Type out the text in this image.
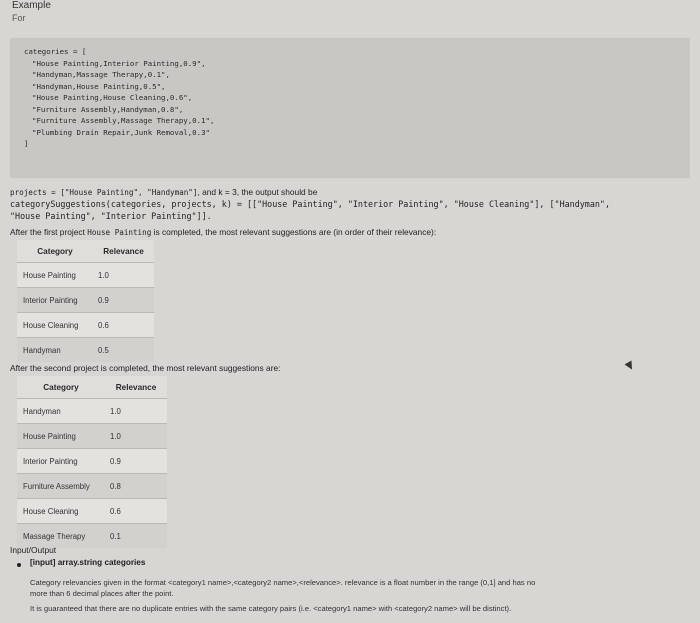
Example
For
categories = [
"House Painting,Interior Painting,0.9",
"Handyman,Massage Therapy,0.1",
"Handyman,House Painting,0.5",
"House Painting,House Cleaning,0.6",
"Furniture Assembly,Handyman,0.8",
"Furniture Assembly,Massage Therapy,0.1",
"Plumbing Drain Repair,Junk Removal,0.3"
]
projects = ["House Painting", "Handyman"], and k = 3, the output should be
categorySuggestions(categories, projects, k) = [["House Painting", "Interior Painting", "House Cleaning"], ["Handyman",
"House Painting", "Interior Painting"]].
After the first project House Painting is completed, the most relevant suggestions are (in order of their relevance):
Category	Relevance
House Painting	1.0
Interior Painting	0.9
House Cleaning	0.6
Handyman	0.5
After the second project is completed, the most relevant suggestions are:
Category	Relevance
Handyman	1.0
House Painting	1.0
Interior Painting	0.9
Furniture Assembly	0.8
House Cleaning	0.6
Massage Therapy	0.1
Input/Output
[input] array.string categories
Category relevancies given in the format <category1 name>,<category2 name>,<relevance>. relevance is a float number in the range (0,1] and has no
more than 6 decimal places after the point.
It is guaranteed that there are no duplicate entries with the same category pairs (i.e. <category1 name> with <category2 name> will be distinct).
